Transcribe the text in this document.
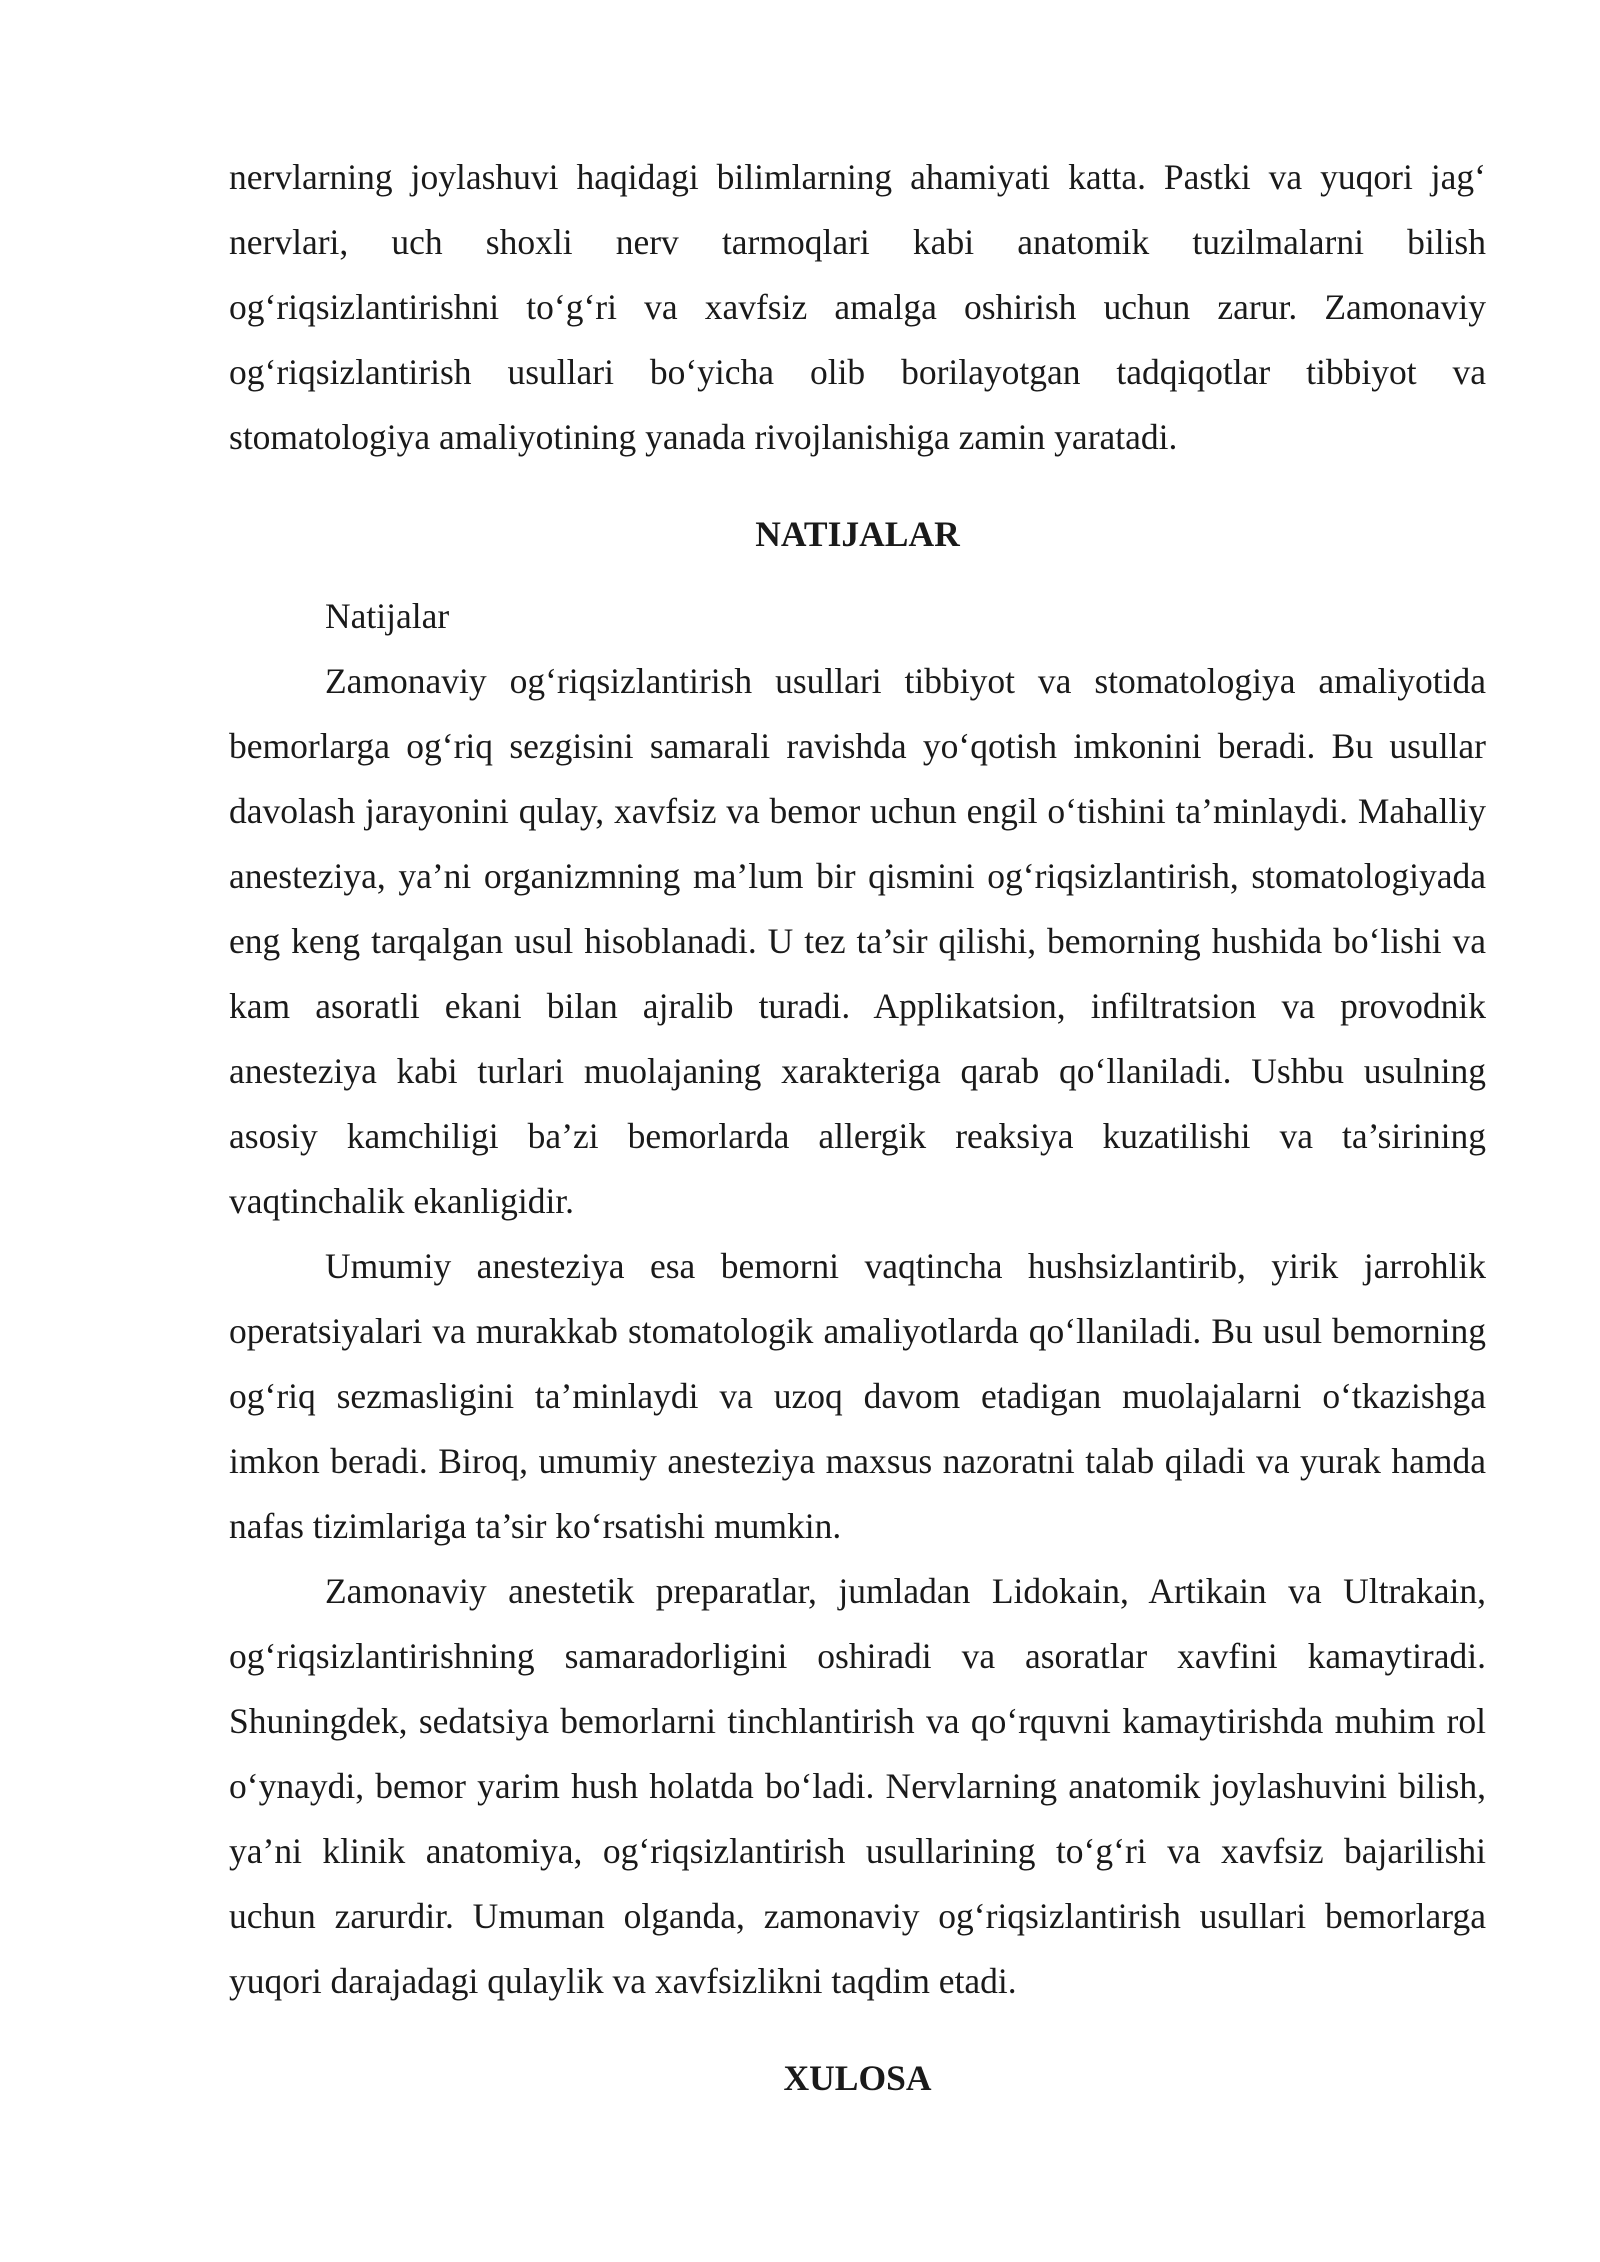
nervlarning joylashuvi haqidagi bilimlarning ahamiyati katta. Pastki va yuqori jag‘ nervlari, uch shoxli nerv tarmoqlari kabi anatomik tuzilmalarni bilish og‘riqsizlantirishni to‘g‘ri va xavfsiz amalga oshirish uchun zarur. Zamonaviy og‘riqsizlantirish usullari bo‘yicha olib borilayotgan tadqiqotlar tibbiyot va stomatologiya amaliyotining yanada rivojlanishiga zamin yaratadi.

NATIJALAR

Natijalar

Zamonaviy og‘riqsizlantirish usullari tibbiyot va stomatologiya amaliyotida bemorlarga og‘riq sezgisini samarali ravishda yo‘qotish imkonini beradi. Bu usullar davolash jarayonini qulay, xavfsiz va bemor uchun engil o‘tishini ta’minlaydi. Mahalliy anesteziya, ya’ni organizmning ma’lum bir qismini og‘riqsizlantirish, stomatologiyada eng keng tarqalgan usul hisoblanadi. U tez ta’sir qilishi, bemorning hushida bo‘lishi va kam asoratli ekani bilan ajralib turadi. Applikatsion, infiltratsion va provodnik anesteziya kabi turlari muolajaning xarakteriga qarab qo‘llaniladi. Ushbu usulning asosiy kamchiligi ba’zi bemorlarda allergik reaksiya kuzatilishi va ta’sirining vaqtinchalik ekanligidir.

Umumiy anesteziya esa bemorni vaqtincha hushsizlantirib, yirik jarrohlik operatsiyalari va murakkab stomatologik amaliyotlarda qo‘llaniladi. Bu usul bemorning og‘riq sezmasligini ta’minlaydi va uzoq davom etadigan muolajalarni o‘tkazishga imkon beradi. Biroq, umumiy anesteziya maxsus nazoratni talab qiladi va yurak hamda nafas tizimlariga ta’sir ko‘rsatishi mumkin.

Zamonaviy anestetik preparatlar, jumladan Lidokain, Artikain va Ultrakain, og‘riqsizlantirishning samaradorligini oshiradi va asoratlar xavfini kamaytiradi. Shuningdek, sedatsiya bemorlarni tinchlantirish va qo‘rquvni kamaytirishda muhim rol o‘ynaydi, bemor yarim hush holatda bo‘ladi. Nervlarning anatomik joylashuvini bilish, ya’ni klinik anatomiya, og‘riqsizlantirish usullarining to‘g‘ri va xavfsiz bajarilishi uchun zarurdir. Umuman olganda, zamonaviy og‘riqsizlantirish usullari bemorlarga yuqori darajadagi qulaylik va xavfsizlikni taqdim etadi.

XULOSA
